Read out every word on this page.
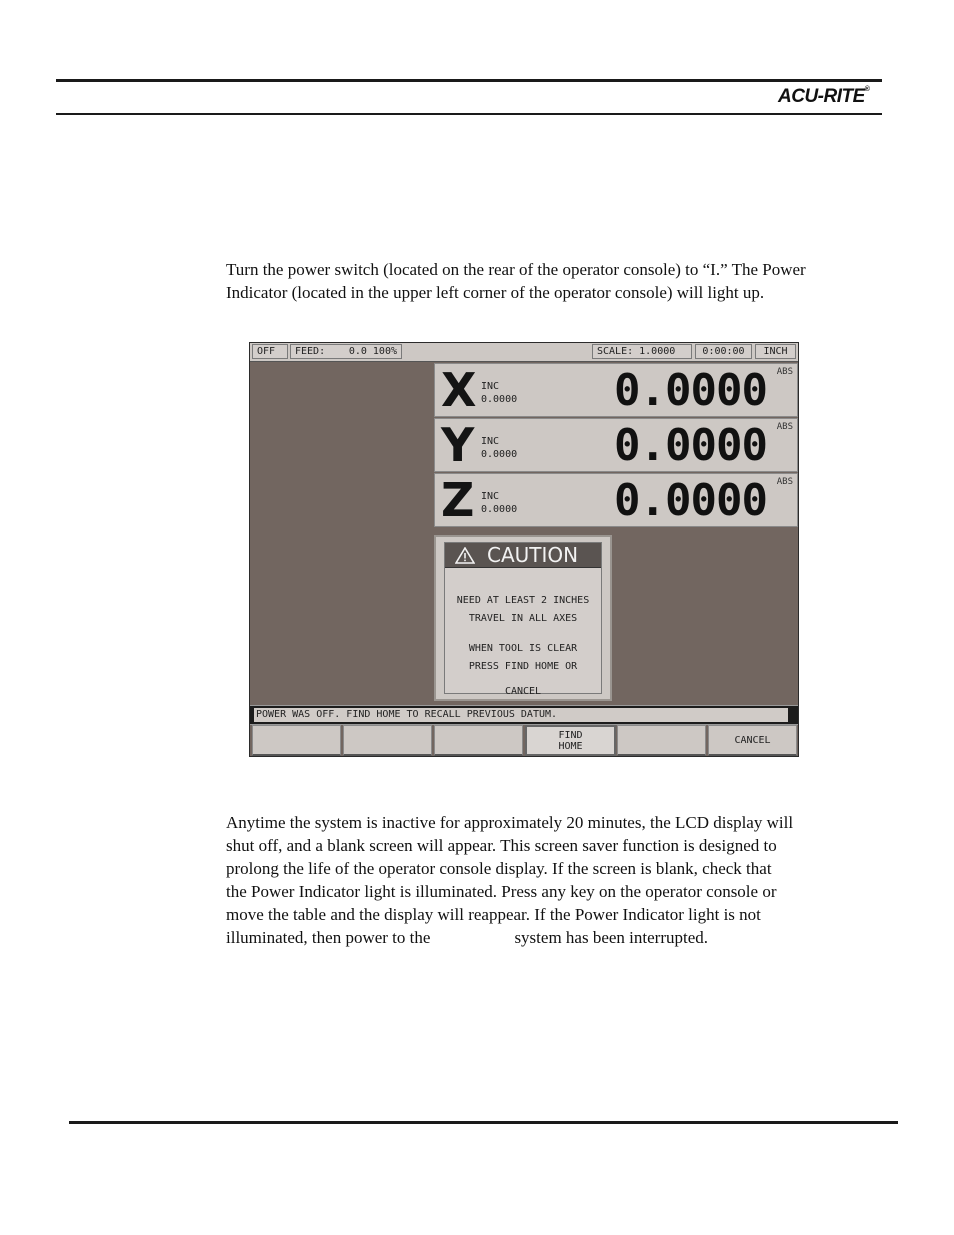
ACU-RITE®

Turn the power switch (located on the rear of the operator console) to “I.” The Power
Indicator (located in the upper left corner of the operator console) will light up.

OFF	FEED: 0.0 100%	SCALE: 1.0000	0:00:00	INCH
X INC
0.0000 0.0000 ABS
Y INC
0.0000 0.0000 ABS
Z INC
0.0000 0.0000 ABS
CAUTION
NEED AT LEAST 2 INCHES
TRAVEL IN ALL AXES
WHEN TOOL IS CLEAR
PRESS FIND HOME OR
CANCEL
POWER WAS OFF. FIND HOME TO RECALL PREVIOUS DATUM.
FIND
HOME
CANCEL

Anytime the system is inactive for approximately 20 minutes, the LCD display will
shut off, and a blank screen will appear. This screen saver function is designed to
prolong the life of the operator console display. If the screen is blank, check that
the Power Indicator light is illuminated. Press any key on the operator console or
move the table and the display will reappear. If the Power Indicator light is not
illuminated, then power to the	system has been interrupted.
